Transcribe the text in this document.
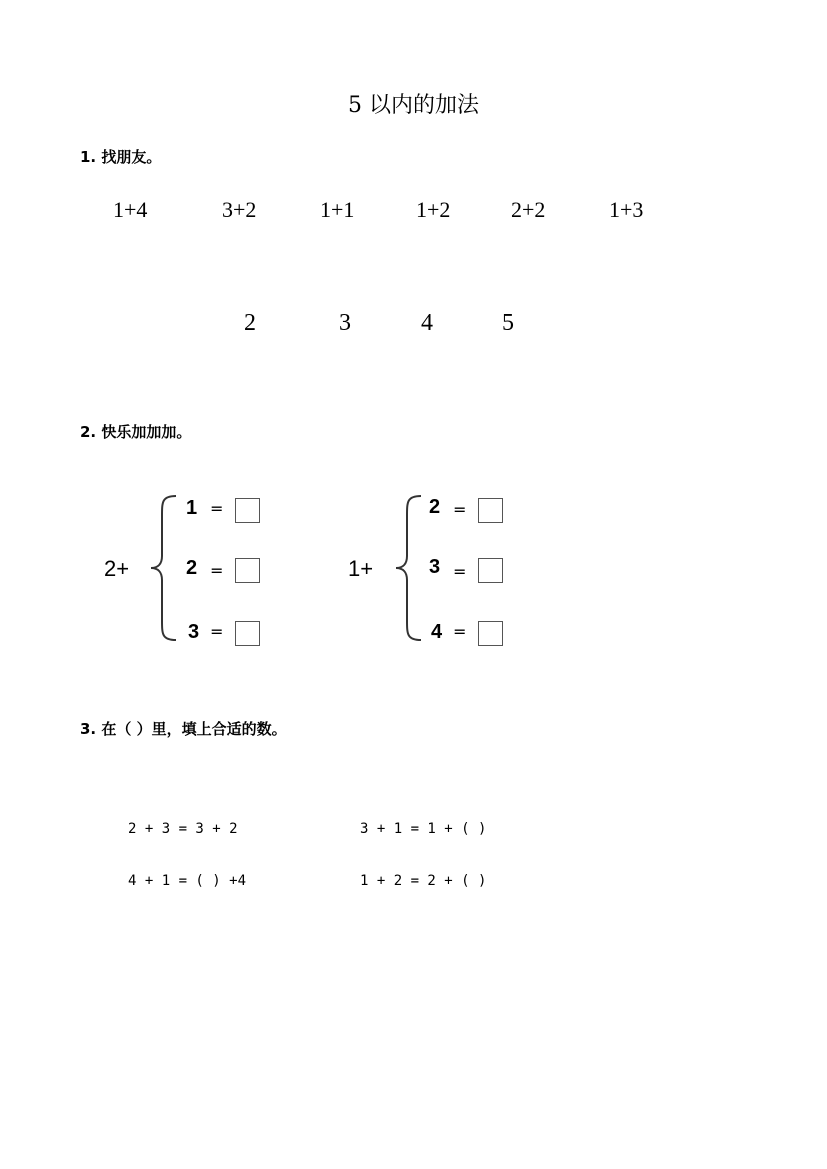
5 以内的加法
1. 找朋友。
1+4	3+2	1+1	1+2	2+2	1+3
2	3	4	5
2. 快乐加加加。
2+
1 =
2 =
3 =
1+
2 =
3 =
4 =
3. 在（ ）里，填上合适的数。
2 + 3 = 3 + 2	3 + 1 = 1 + ( )
4 + 1 = ( ) +4	1 + 2 = 2 + ( )
